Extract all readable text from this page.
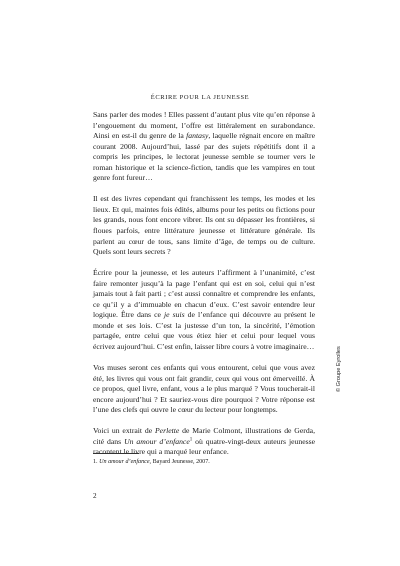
ÉCRIRE POUR LA JEUNESSE

Sans parler des modes ! Elles passent d’autant plus vite qu’en réponse à l’engouement du moment, l’offre est littéralement en surabondance. Ainsi en est-il du genre de la fantasy, laquelle régnait encore en maître courant 2008. Aujourd’hui, lassé par des sujets répétitifs dont il a compris les principes, le lectorat jeunesse semble se tourner vers le roman historique et la science-fiction, tandis que les vampires en tout genre font fureur…

Il est des livres cependant qui franchissent les temps, les modes et les lieux. Et qui, maintes fois édités, albums pour les petits ou fictions pour les grands, nous font encore vibrer. Ils ont su dépasser les frontières, si floues parfois, entre littérature jeunesse et littérature générale. Ils parlent au cœur de tous, sans limite d’âge, de temps ou de culture. Quels sont leurs secrets ?

Écrire pour la jeunesse, et les auteurs l’affirment à l’unanimité, c’est faire remonter jusqu’à la page l’enfant qui est en soi, celui qui n’est jamais tout à fait parti ; c’est aussi connaître et comprendre les enfants, ce qu’il y a d’immuable en chacun d’eux. C’est savoir entendre leur logique. Être dans ce je suis de l’enfance qui découvre au présent le monde et ses lois. C’est la justesse d’un ton, la sincérité, l’émotion partagée, entre celui que vous étiez hier et celui pour lequel vous écrivez aujourd’hui. C’est enfin, laisser libre cours à votre imaginaire…

Vos muses seront ces enfants qui vous entourent, celui que vous avez été, les livres qui vous ont fait grandir, ceux qui vous ont émerveillé. À ce propos, quel livre, enfant, vous a le plus marqué ? Vous toucherait-il encore aujourd’hui ? Et sauriez-vous dire pourquoi ? Votre réponse est l’une des clefs qui ouvre le cœur du lecteur pour longtemps.

Voici un extrait de Perlette de Marie Colmont, illustrations de Gerda, cité dans Un amour d’enfance$^1$ où quatre-vingt-deux auteurs jeunesse racontent le livre qui a marqué leur enfance.

1. Un amour d’enfance, Bayard Jeunesse, 2007.
2
© Groupe Eyrolles
